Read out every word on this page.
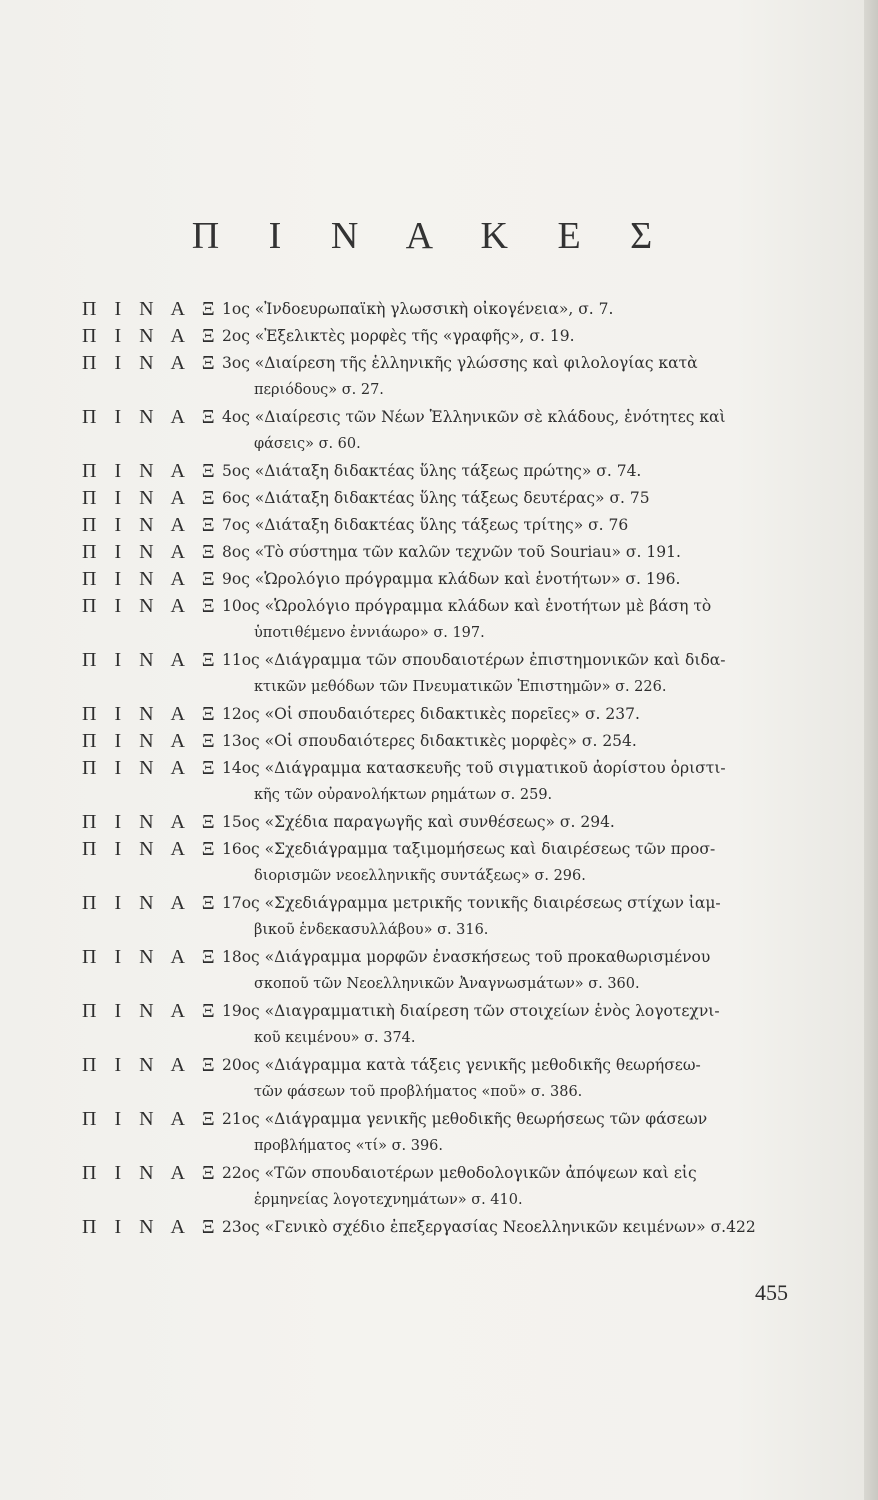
Π Ι Ν Α Κ Ε Σ
Π Ι Ν Α Ξ 1ος «Ἰνδοευρωπαϊκὴ γλωσσικὴ οἰκογένεια», σ. 7.
Π Ι Ν Α Ξ 2ος «Ἐξελικτὲς μορφὲς τῆς «γραφῆς», σ. 19.
Π Ι Ν Α Ξ 3ος «Διαίρεση τῆς ἑλληνικῆς γλώσσης καὶ φιλολογίας κατὰ
περιόδους» σ. 27.
Π Ι Ν Α Ξ 4ος «Διαίρεσις τῶν Νέων Ἑλληνικῶν σὲ κλάδους, ἑνότητες καὶ
φάσεις» σ. 60.
Π Ι Ν Α Ξ 5ος «Διάταξη διδακτέας ὕλης τάξεως πρώτης» σ. 74.
Π Ι Ν Α Ξ 6ος «Διάταξη διδακτέας ὕλης τάξεως δευτέρας» σ. 75
Π Ι Ν Α Ξ 7ος «Διάταξη διδακτέας ὕλης τάξεως τρίτης» σ. 76
Π Ι Ν Α Ξ 8ος «Τὸ σύστημα τῶν καλῶν τεχνῶν τοῦ Souriau» σ. 191.
Π Ι Ν Α Ξ 9ος «Ὡρολόγιο πρόγραμμα κλάδων καὶ ἑνοτήτων» σ. 196.
Π Ι Ν Α Ξ 10ος «Ὡρολόγιο πρόγραμμα κλάδων καὶ ἑνοτήτων μὲ βάση τὸ
ὑποτιθέμενο ἐννιάωρο» σ. 197.
Π Ι Ν Α Ξ 11ος «Διάγραμμα τῶν σπουδαιοτέρων ἐπιστημονικῶν καὶ διδα-
κτικῶν μεθόδων τῶν Πνευματικῶν Ἐπιστημῶν» σ. 226.
Π Ι Ν Α Ξ 12ος «Οἱ σπουδαιότερες διδακτικὲς πορεῖες» σ. 237.
Π Ι Ν Α Ξ 13ος «Οἱ σπουδαιότερες διδακτικὲς μορφὲς» σ. 254.
Π Ι Ν Α Ξ 14ος «Διάγραμμα κατασκευῆς τοῦ σιγματικοῦ ἀορίστου ὁριστι-
κῆς τῶν οὐρανολήκτων ρημάτων σ. 259.
Π Ι Ν Α Ξ 15ος «Σχέδια παραγωγῆς καὶ συνθέσεως» σ. 294.
Π Ι Ν Α Ξ 16ος «Σχεδιάγραμμα ταξιμομήσεως καὶ διαιρέσεως τῶν προσ-
διορισμῶν νεοελληνικῆς συντάξεως» σ. 296.
Π Ι Ν Α Ξ 17ος «Σχεδιάγραμμα μετρικῆς τονικῆς διαιρέσεως στίχων ἰαμ-
βικοῦ ἑνδεκασυλλάβου» σ. 316.
Π Ι Ν Α Ξ 18ος «Διάγραμμα μορφῶν ἐνασκήσεως τοῦ προκαθωρισμένου
σκοποῦ τῶν Νεοελληνικῶν Ἀναγνωσμάτων» σ. 360.
Π Ι Ν Α Ξ 19ος «Διαγραμματικὴ διαίρεση τῶν στοιχείων ἑνὸς λογοτεχνι-
κοῦ κειμένου» σ. 374.
Π Ι Ν Α Ξ 20ος «Διάγραμμα κατὰ τάξεις γενικῆς μεθοδικῆς θεωρήσεω-
τῶν φάσεων τοῦ προβλήματος «ποῦ» σ. 386.
Π Ι Ν Α Ξ 21ος «Διάγραμμα γενικῆς μεθοδικῆς θεωρήσεως τῶν φάσεων
προβλήματος «τί» σ. 396.
Π Ι Ν Α Ξ 22ος «Τῶν σπουδαιοτέρων μεθοδολογικῶν ἀπόψεων καὶ εἰς
ἑρμηνείας λογοτεχνημάτων» σ. 410.
Π Ι Ν Α Ξ 23ος «Γενικὸ σχέδιο ἐπεξεργασίας Νεοελληνικῶν κειμένων» σ.422
455
